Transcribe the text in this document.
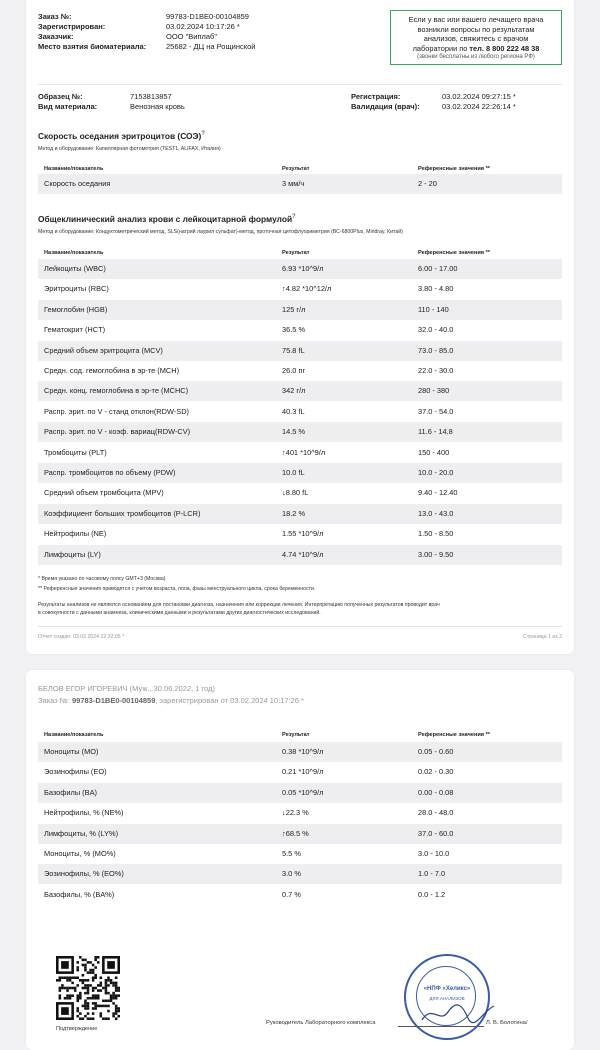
Заказ №:	99783-D1BE0-00104859
Зарегистрирован:	03.02.2024 10:17:26 *
Заказчик:	ООО "Виплаб"
Место взятия биоматериала:	25682 - ДЦ на Рощинской
Если у вас или вашего лечащего врача
возникли вопросы по результатам
анализов, свяжитесь с врачом
лаборатории по тел. 8 800 222 48 38
(звонки бесплатны из любого региона РФ)
Образец №:	7153813857
Вид материала:	Венозная кровь
Регистрация:	03.02.2024 09:27:15 *
Валидация (врач):	03.02.2024 22:26:14 *
Скорость оседания эритроцитов (СОЭ)?
Метод и оборудование: Капиллярная фотометрия (TEST1, ALIFAX, Италия)
Название/показатель	Результат	Референсные значения **
Скорость оседания	3 мм/ч	2 - 20
Общеклинический анализ крови с лейкоцитарной формулой?
Метод и оборудование: Кондуктометрический метод, SLS(натрий лаурил сульфат)-метод, проточная цитофлуориметрия (BC-6800Plus, Mindray, Китай)
Название/показатель	Результат	Референсные значения **
Лейкоциты (WBC)	6.93 *10^9/л	6.00 - 17.00
Эритроциты (RBC)	↑4.82 *10^12/л	3.80 - 4.80
Гемоглобин (HGB)	125 г/л	110 - 140
Гематокрит (HCT)	36.5 %	32.0 - 40.0
Средний объем эритроцита (MCV)	75.8 fL	73.0 - 85.0
Средн. сод. гемоглобина в эр-те (MCH)	26.0 пг	22.0 - 30.0
Средн. конц. гемоглобина в эр-те (MCHC)	342 г/л	280 - 380
Распр. эрит. по V - станд отклон(RDW-SD)	40.3 fL	37.0 - 54.0
Распр. эрит. по V - коэф. вариац(RDW-CV)	14.5 %	11.6 - 14.8
Тромбоциты (PLT)	↑401 *10^9/л	150 - 400
Распр. тромбоцитов по объему (PDW)	10.0 fL	10.0 - 20.0
Средний объем тромбоцита (MPV)	↓8.80 fL	9.40 - 12.40
Коэффициент больших тромбоцитов (P-LCR)	18.2 %	13.0 - 43.0
Нейтрофилы (NE)	1.55 *10^9/л	1.50 - 8.50
Лимфоциты (LY)	4.74 *10^9/л	3.00 - 9.50
* Время указано по часовому поясу GMT+3 (Москва)
** Референсные значения приводятся с учетом возраста, пола, фазы менструального цикла, срока беременности.
Результаты анализов не являются основанием для постановки диагноза, назначения или коррекции лечения. Интерпретацию полученных результатов проводит врач
в совокупности с данными анамнеза, клиническими данными и результатами других диагностических исследований.
Отчет создан: 03.02.2024 22:32:05 *	Страница 1 из 2
БЕЛОВ ЕГОР ИГОРЕВИЧ (Муж., 30.06.2022, 1 год)
Заказ №: 99783-D1BE0-00104859, зарегистрирован от 03.02.2024 10:17:26 *
Название/показатель	Результат	Референсные значения **
Моноциты (MO)	0.38 *10^9/л	0.05 - 0.60
Эозинофилы (EO)	0.21 *10^9/л	0.02 - 0.30
Базофилы (BA)	0.05 *10^9/л	0.00 - 0.08
Нейтрофилы, % (NE%)	↓22.3 %	28.0 - 48.0
Лимфоциты, % (LY%)	↑68.5 %	37.0 - 60.0
Моноциты, % (MO%)	5.5 %	3.0 - 10.0
Эозинофилы, % (EO%)	3.0 %	1.0 - 7.0
Базофилы, % (BA%)	0.7 %	0.0 - 1.2
Подтверждение
Руководитель Лабораторного комплекса	Л. В. Болотина/
«НПФ «Хеликс»
ДЛЯ АНАЛИЗОВ
